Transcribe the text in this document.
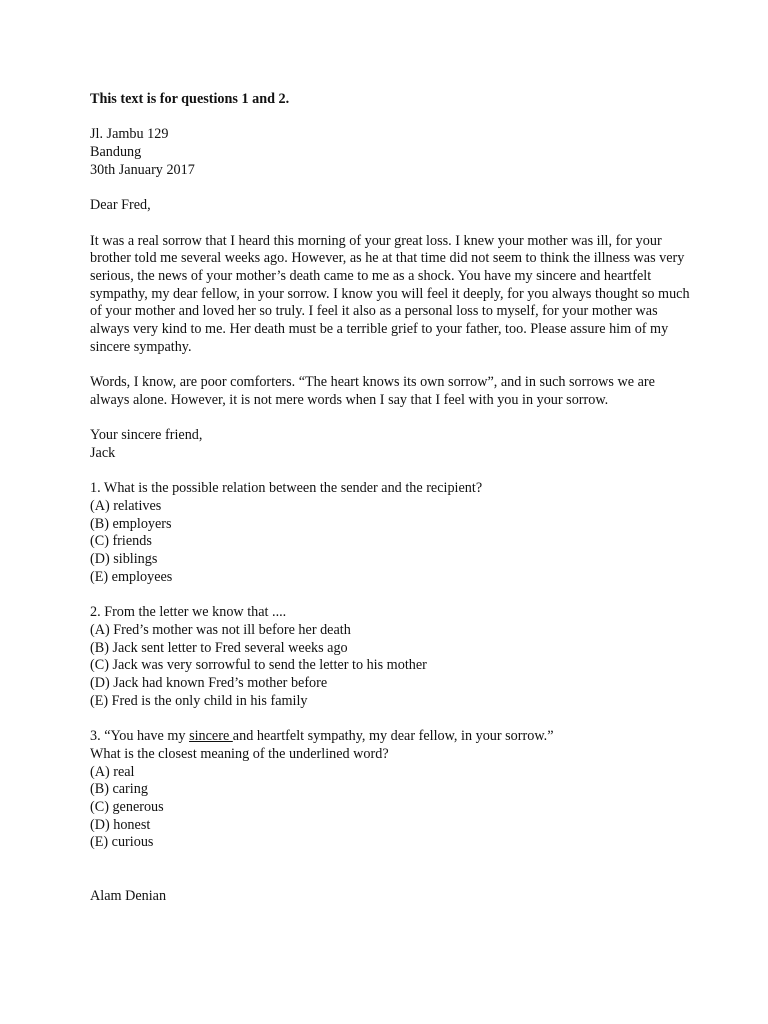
This text is for questions 1 and 2.

Jl. Jambu 129

Bandung

30th January 2017

Dear Fred,

It was a real sorrow that I heard this morning of your great loss. I knew your mother was ill, for your

brother told me several weeks ago. However, as he at that time did not seem to think the illness was very

serious, the news of your mother’s death came to me as a shock. You have my sincere and heartfelt

sympathy, my dear fellow, in your sorrow. I know you will feel it deeply, for you always thought so much

of your mother and loved her so truly. I feel it also as a personal loss to myself, for your mother was

always very kind to me. Her death must be a terrible grief to your father, too. Please assure him of my

sincere sympathy.

Words, I know, are poor comforters. “The heart knows its own sorrow”, and in such sorrows we are

always alone. However, it is not mere words when I say that I feel with you in your sorrow.

Your sincere friend,

Jack

1. What is the possible relation between the sender and the recipient?

(A) relatives
(B) employers
(C) friends
(D) siblings
(E) employees

2. From the letter we know that ....

(A) Fred’s mother was not ill before her death
(B) Jack sent letter to Fred several weeks ago
(C) Jack was very sorrowful to send the letter to his mother
(D) Jack had known Fred’s mother before
(E) Fred is the only child in his family

3. “You have my sincere and heartfelt sympathy, my dear fellow, in your sorrow.”

What is the closest meaning of the underlined word?

(A) real
(B) caring
(C) generous
(D) honest
(E) curious

Alam Denian
